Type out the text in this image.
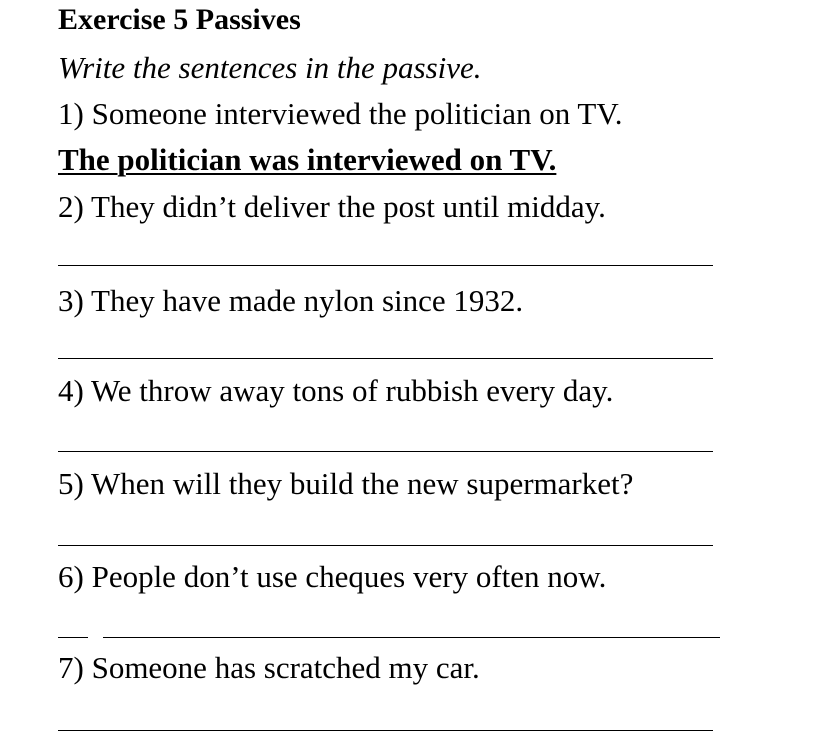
Exercise 5 Passives
Write the sentences in the passive.
1) Someone interviewed the politician on TV.
The politician was interviewed on TV.
2) They didn’t deliver the post until midday.
3) They have made nylon since 1932.
4) We throw away tons of rubbish every day.
5) When will they build the new supermarket?
6) People don’t use cheques very often now.
7) Someone has scratched my car.
